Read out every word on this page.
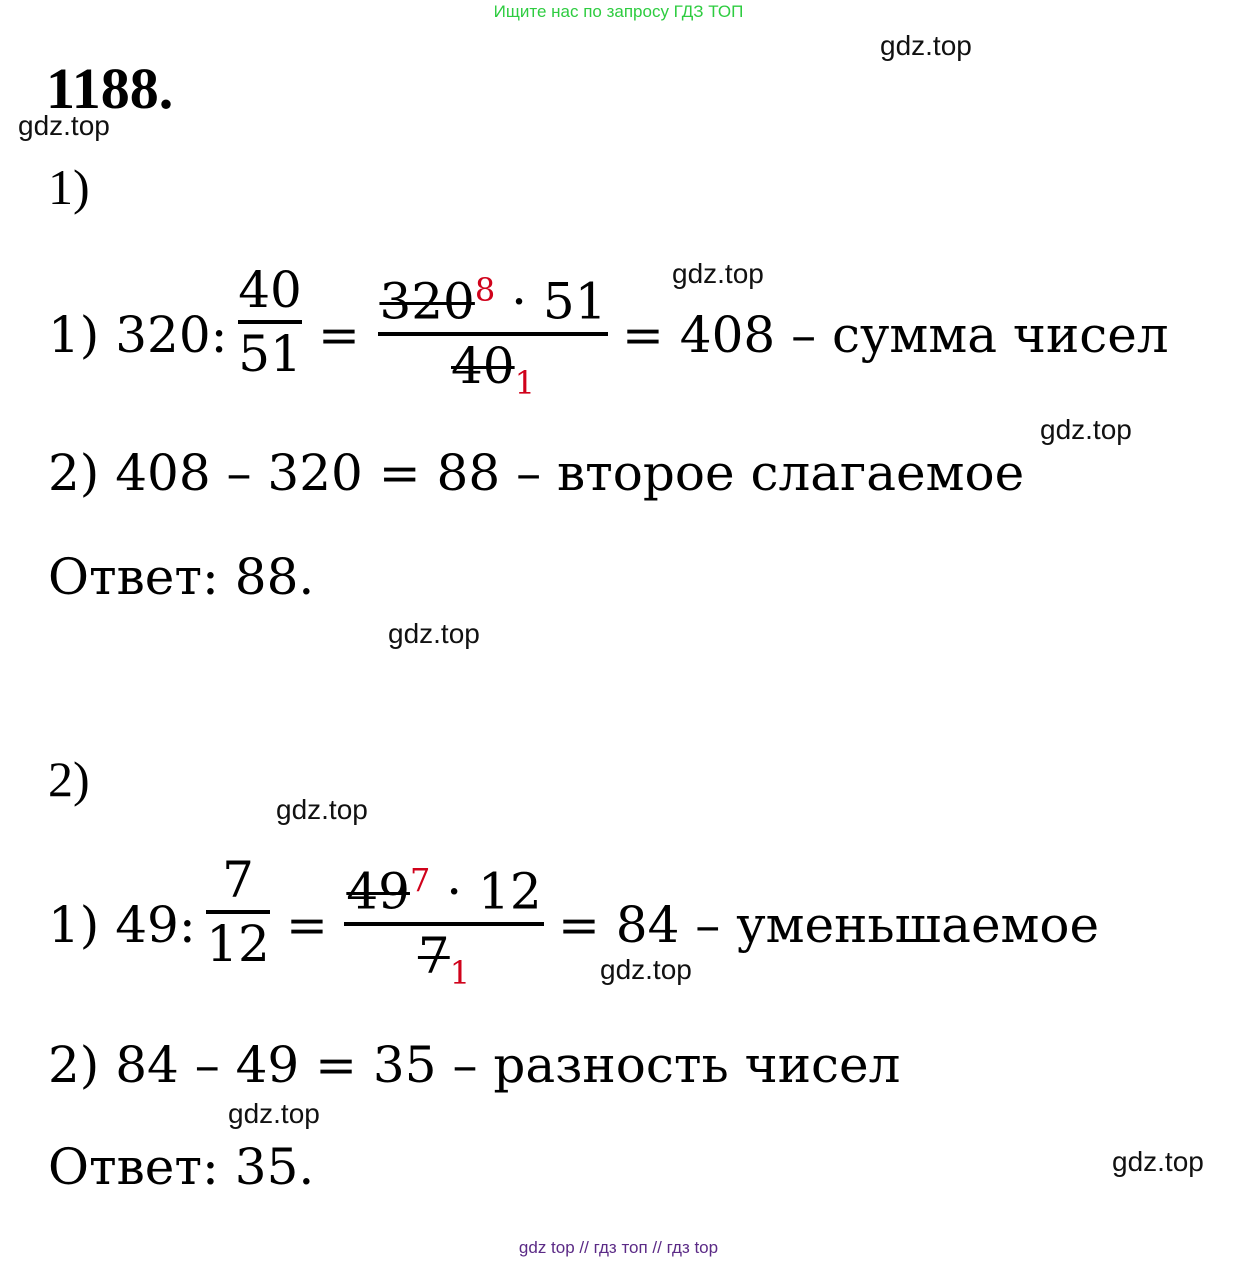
Ищите нас по запросу ГДЗ ТОП
gdz top // гдз топ // гдз top
gdz.top
gdz.top
gdz.top
gdz.top
gdz.top
gdz.top
gdz.top
gdz.top
gdz.top
1188.
1)
1) 320:
40
51 =
$320^8 \cdot 51$
$40_1$
= 408 – сумма чисел
2) 408 – 320 = 88 – второе слагаемое
Ответ: 88.
2)
1) 49:
7
12 =
$49^7 \cdot 12$
$7_1$
= 84 – уменьшаемое
2) 84 – 49 = 35 – разность чисел
Ответ: 35.
